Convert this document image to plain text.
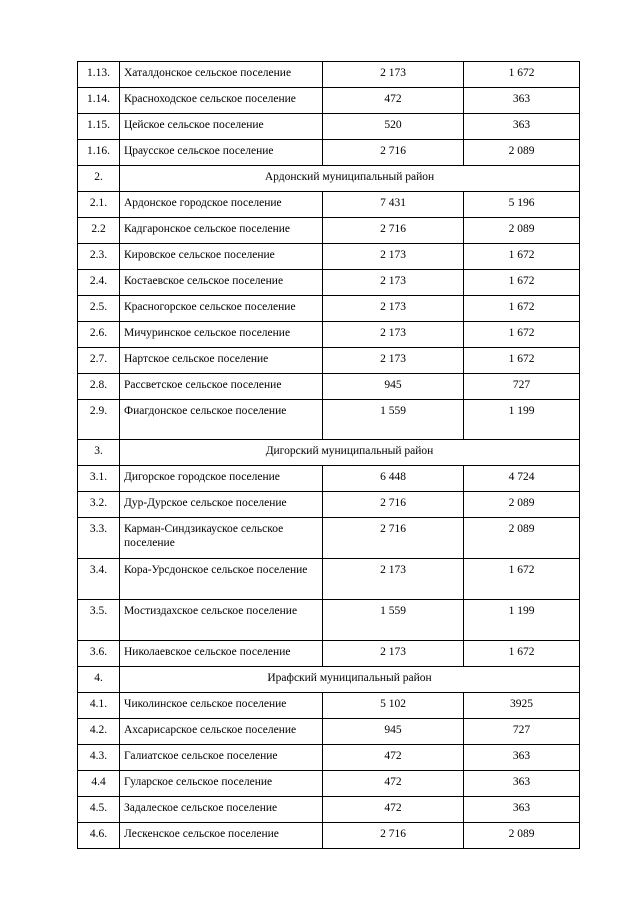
1.13.	Хаталдонское сельское поселение	2 173	1 672
1.14.	Красноходское сельское поселение	472	363
1.15.	Цейское сельское поселение	520	363
1.16.	Цраусское сельское поселение	2 716	2 089
2.	Ардонский муниципальный район		
2.1.	Ардонское городское поселение	7 431	5 196
2.2	Кадгаронское сельское поселение	2 716	2 089
2.3.	Кировское сельское поселение	2 173	1 672
2.4.	Костаевское сельское поселение	2 173	1 672
2.5.	Красногорское сельское поселение	2 173	1 672
2.6.	Мичуринское сельское поселение	2 173	1 672
2.7.	Нартское сельское поселение	2 173	1 672
2.8.	Рассветское сельское поселение	945	727
2.9.	Фиагдонское сельское поселение	1 559	1 199
3.	Дигорский муниципальный район		
3.1.	Дигорское городское поселение	6 448	4 724
3.2.	Дур-Дурское сельское поселение	2 716	2 089
3.3.	Карман-Синдзикауское сельское поселение	2 716	2 089
3.4.	Кора-Урсдонское сельское поселение	2 173	1 672
3.5.	Мостиздахское сельское поселение	1 559	1 199
3.6.	Николаевское сельское поселение	2 173	1 672
4.	Ирафский муниципальный район		
4.1.	Чиколинское сельское поселение	5 102	3925
4.2.	Ахсарисарское сельское поселение	945	727
4.3.	Галиатское сельское поселение	472	363
4.4	Гуларское сельское поселение	472	363
4.5.	Задалеское сельское поселение	472	363
4.6.	Лескенское сельское поселение	2 716	2 089
